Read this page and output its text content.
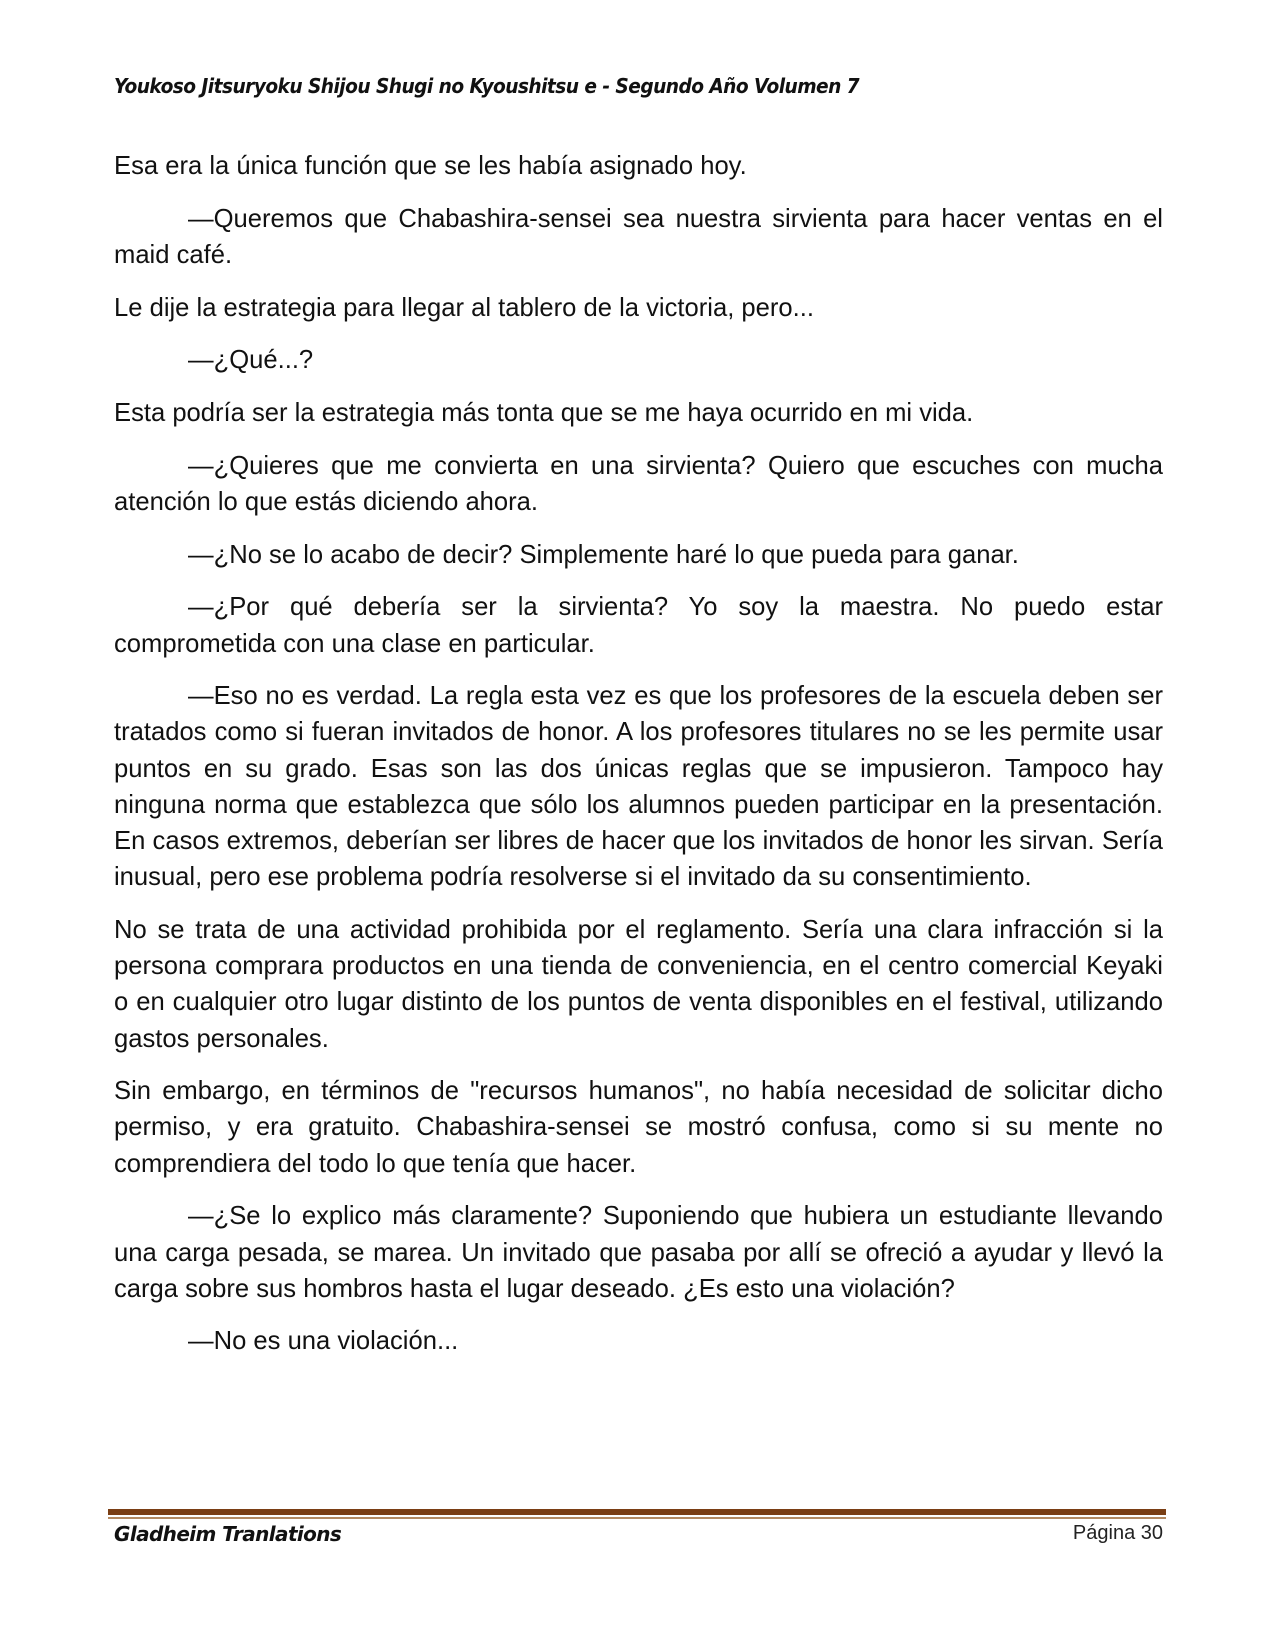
Youkoso Jitsuryoku Shijou Shugi no Kyoushitsu e - Segundo Año Volumen 7

Esa era la única función que se les había asignado hoy.

—Queremos que Chabashira-sensei sea nuestra sirvienta para hacer ventas en el maid café.

Le dije la estrategia para llegar al tablero de la victoria, pero...

—¿Qué...?

Esta podría ser la estrategia más tonta que se me haya ocurrido en mi vida.

—¿Quieres que me convierta en una sirvienta? Quiero que escuches con mucha atención lo que estás diciendo ahora.

—¿No se lo acabo de decir? Simplemente haré lo que pueda para ganar.

—¿Por qué debería ser la sirvienta? Yo soy la maestra. No puedo estar comprometida con una clase en particular.

—Eso no es verdad. La regla esta vez es que los profesores de la escuela deben ser tratados como si fueran invitados de honor. A los profesores titulares no se les permite usar puntos en su grado. Esas son las dos únicas reglas que se impusieron. Tampoco hay ninguna norma que establezca que sólo los alumnos pueden participar en la presentación. En casos extremos, deberían ser libres de hacer que los invitados de honor les sirvan. Sería inusual, pero ese problema podría resolverse si el invitado da su consentimiento.

No se trata de una actividad prohibida por el reglamento. Sería una clara infracción si la persona comprara productos en una tienda de conveniencia, en el centro comercial Keyaki o en cualquier otro lugar distinto de los puntos de venta disponibles en el festival, utilizando gastos personales.

Sin embargo, en términos de "recursos humanos", no había necesidad de solicitar dicho permiso, y era gratuito. Chabashira-sensei se mostró confusa, como si su mente no comprendiera del todo lo que tenía que hacer.

—¿Se lo explico más claramente? Suponiendo que hubiera un estudiante llevando una carga pesada, se marea. Un invitado que pasaba por allí se ofreció a ayudar y llevó la carga sobre sus hombros hasta el lugar deseado. ¿Es esto una violación?

—No es una violación...

Gladheim Tranlations	Página 30
